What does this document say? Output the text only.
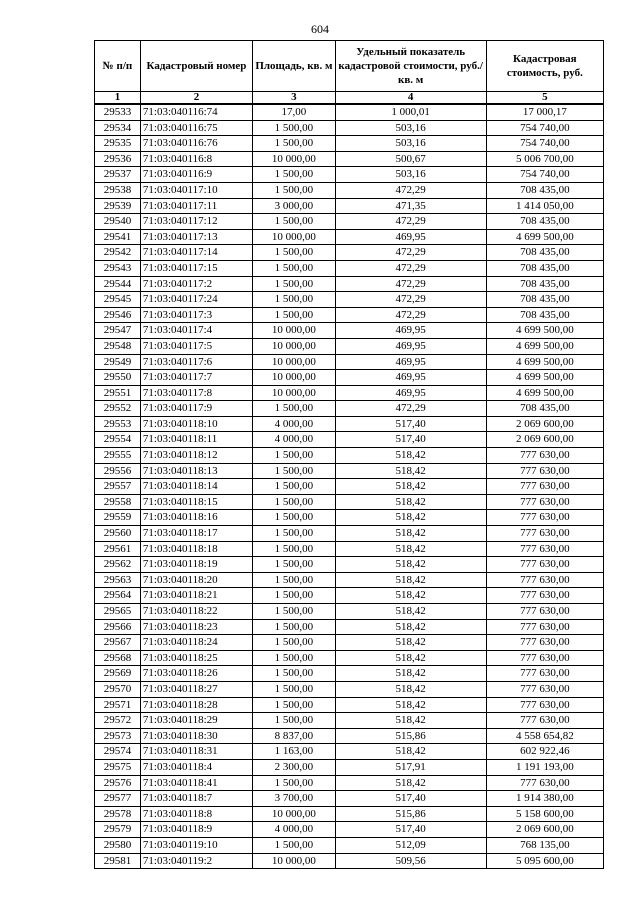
604
№ п/п	Кадастровый номер	Площадь, кв. м	Удельный показатель кадастровой стоимости, руб./кв. м	Кадастровая стоимость, руб.
1	2	3	4	5
29533	71:03:040116:74	17,00	1 000,01	17 000,17
29534	71:03:040116:75	1 500,00	503,16	754 740,00
29535	71:03:040116:76	1 500,00	503,16	754 740,00
29536	71:03:040116:8	10 000,00	500,67	5 006 700,00
29537	71:03:040116:9	1 500,00	503,16	754 740,00
29538	71:03:040117:10	1 500,00	472,29	708 435,00
29539	71:03:040117:11	3 000,00	471,35	1 414 050,00
29540	71:03:040117:12	1 500,00	472,29	708 435,00
29541	71:03:040117:13	10 000,00	469,95	4 699 500,00
29542	71:03:040117:14	1 500,00	472,29	708 435,00
29543	71:03:040117:15	1 500,00	472,29	708 435,00
29544	71:03:040117:2	1 500,00	472,29	708 435,00
29545	71:03:040117:24	1 500,00	472,29	708 435,00
29546	71:03:040117:3	1 500,00	472,29	708 435,00
29547	71:03:040117:4	10 000,00	469,95	4 699 500,00
29548	71:03:040117:5	10 000,00	469,95	4 699 500,00
29549	71:03:040117:6	10 000,00	469,95	4 699 500,00
29550	71:03:040117:7	10 000,00	469,95	4 699 500,00
29551	71:03:040117:8	10 000,00	469,95	4 699 500,00
29552	71:03:040117:9	1 500,00	472,29	708 435,00
29553	71:03:040118:10	4 000,00	517,40	2 069 600,00
29554	71:03:040118:11	4 000,00	517,40	2 069 600,00
29555	71:03:040118:12	1 500,00	518,42	777 630,00
29556	71:03:040118:13	1 500,00	518,42	777 630,00
29557	71:03:040118:14	1 500,00	518,42	777 630,00
29558	71:03:040118:15	1 500,00	518,42	777 630,00
29559	71:03:040118:16	1 500,00	518,42	777 630,00
29560	71:03:040118:17	1 500,00	518,42	777 630,00
29561	71:03:040118:18	1 500,00	518,42	777 630,00
29562	71:03:040118:19	1 500,00	518,42	777 630,00
29563	71:03:040118:20	1 500,00	518,42	777 630,00
29564	71:03:040118:21	1 500,00	518,42	777 630,00
29565	71:03:040118:22	1 500,00	518,42	777 630,00
29566	71:03:040118:23	1 500,00	518,42	777 630,00
29567	71:03:040118:24	1 500,00	518,42	777 630,00
29568	71:03:040118:25	1 500,00	518,42	777 630,00
29569	71:03:040118:26	1 500,00	518,42	777 630,00
29570	71:03:040118:27	1 500,00	518,42	777 630,00
29571	71:03:040118:28	1 500,00	518,42	777 630,00
29572	71:03:040118:29	1 500,00	518,42	777 630,00
29573	71:03:040118:30	8 837,00	515,86	4 558 654,82
29574	71:03:040118:31	1 163,00	518,42	602 922,46
29575	71:03:040118:4	2 300,00	517,91	1 191 193,00
29576	71:03:040118:41	1 500,00	518,42	777 630,00
29577	71:03:040118:7	3 700,00	517,40	1 914 380,00
29578	71:03:040118:8	10 000,00	515,86	5 158 600,00
29579	71:03:040118:9	4 000,00	517,40	2 069 600,00
29580	71:03:040119:10	1 500,00	512,09	768 135,00
29581	71:03:040119:2	10 000,00	509,56	5 095 600,00
